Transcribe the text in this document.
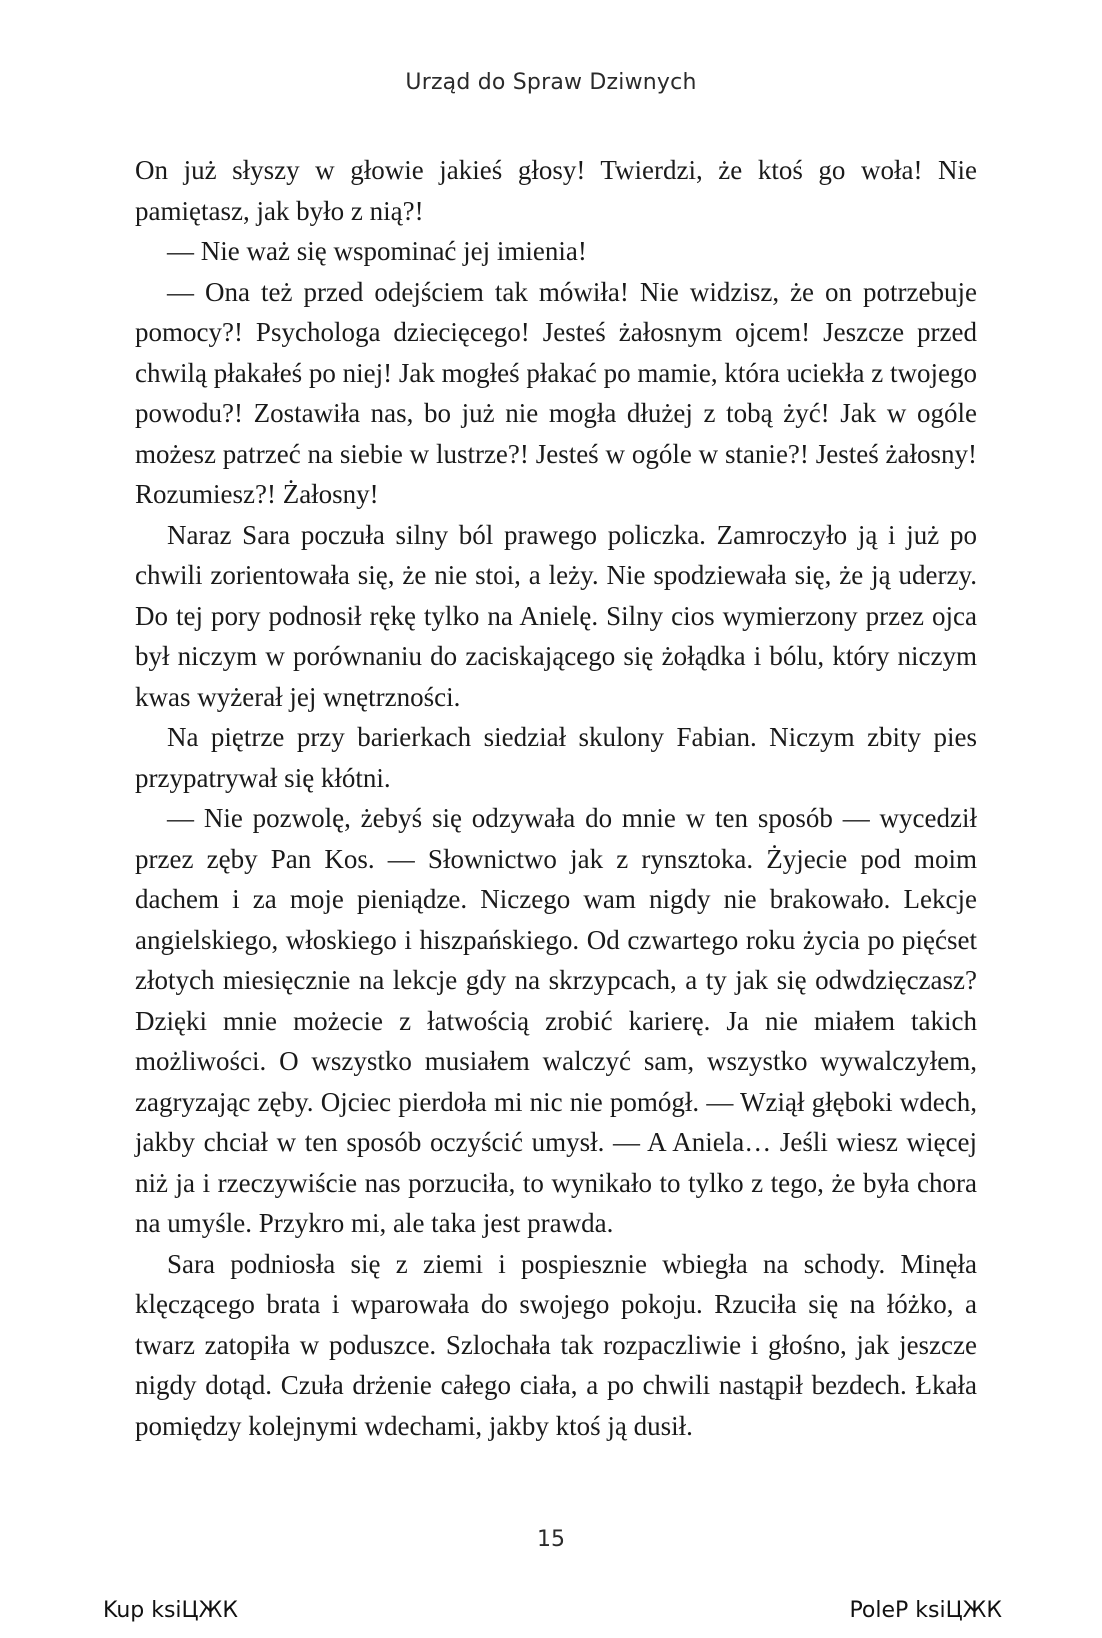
Urząd do Spraw Dziwnych

On już słyszy w głowie jakieś głosy! Twierdzi, że ktoś go woła! Nie pamiętasz, jak było z nią?!

— Nie waż się wspominać jej imienia!

— Ona też przed odejściem tak mówiła! Nie widzisz, że on potrzebuje pomocy?! Psychologa dziecięcego! Jesteś żałosnym ojcem! Jeszcze przed chwilą płakałeś po niej! Jak mogłeś płakać po mamie, która uciekła z twojego powodu?! Zostawiła nas, bo już nie mogła dłużej z tobą żyć! Jak w ogóle możesz patrzeć na siebie w lustrze?! Jesteś w ogóle w stanie?! Jesteś żałosny! Rozumiesz?! Żałosny!

Naraz Sara poczuła silny ból prawego policzka. Zamroczyło ją i już po chwili zorientowała się, że nie stoi, a leży. Nie spodziewała się, że ją uderzy. Do tej pory podnosił rękę tylko na Anielę. Silny cios wymierzony przez ojca był niczym w porównaniu do zaciskającego się żołądka i bólu, który niczym kwas wyżerał jej wnętrzności.

Na piętrze przy barierkach siedział skulony Fabian. Niczym zbity pies przypatrywał się kłótni.

— Nie pozwolę, żebyś się odzywała do mnie w ten sposób — wycedził przez zęby Pan Kos. — Słownictwo jak z rynsztoka. Żyjecie pod moim dachem i za moje pieniądze. Niczego wam nigdy nie brakowało. Lekcje angielskiego, włoskiego i hiszpańskiego. Od czwartego roku życia po pięćset złotych miesięcznie na lekcje gdy na skrzypcach, a ty jak się odwdzięczasz? Dzięki mnie możecie z łatwością zrobić karierę. Ja nie miałem takich możliwości. O wszystko musiałem walczyć sam, wszystko wywalczyłem, zagryzając zęby. Ojciec pierdoła mi nic nie pomógł. — Wziął głęboki wdech, jakby chciał w ten sposób oczyścić umysł. — A Aniela… Jeśli wiesz więcej niż ja i rzeczywiście nas porzuciła, to wynikało to tylko z tego, że była chora na umyśle. Przykro mi, ale taka jest prawda.

Sara podniosła się z ziemi i pospiesznie wbiegła na schody. Minęła klęczącego brata i wparowała do swojego pokoju. Rzuciła się na łóżko, a twarz zatopiła w poduszce. Szlochała tak rozpaczliwie i głośno, jak jeszcze nigdy dotąd. Czuła drżenie całego ciała, a po chwili nastąpił bezdech. Łkała pomiędzy kolejnymi wdechami, jakby ktoś ją dusił.

15
Kup ksiЦЖК	PoleР ksiЦЖК
